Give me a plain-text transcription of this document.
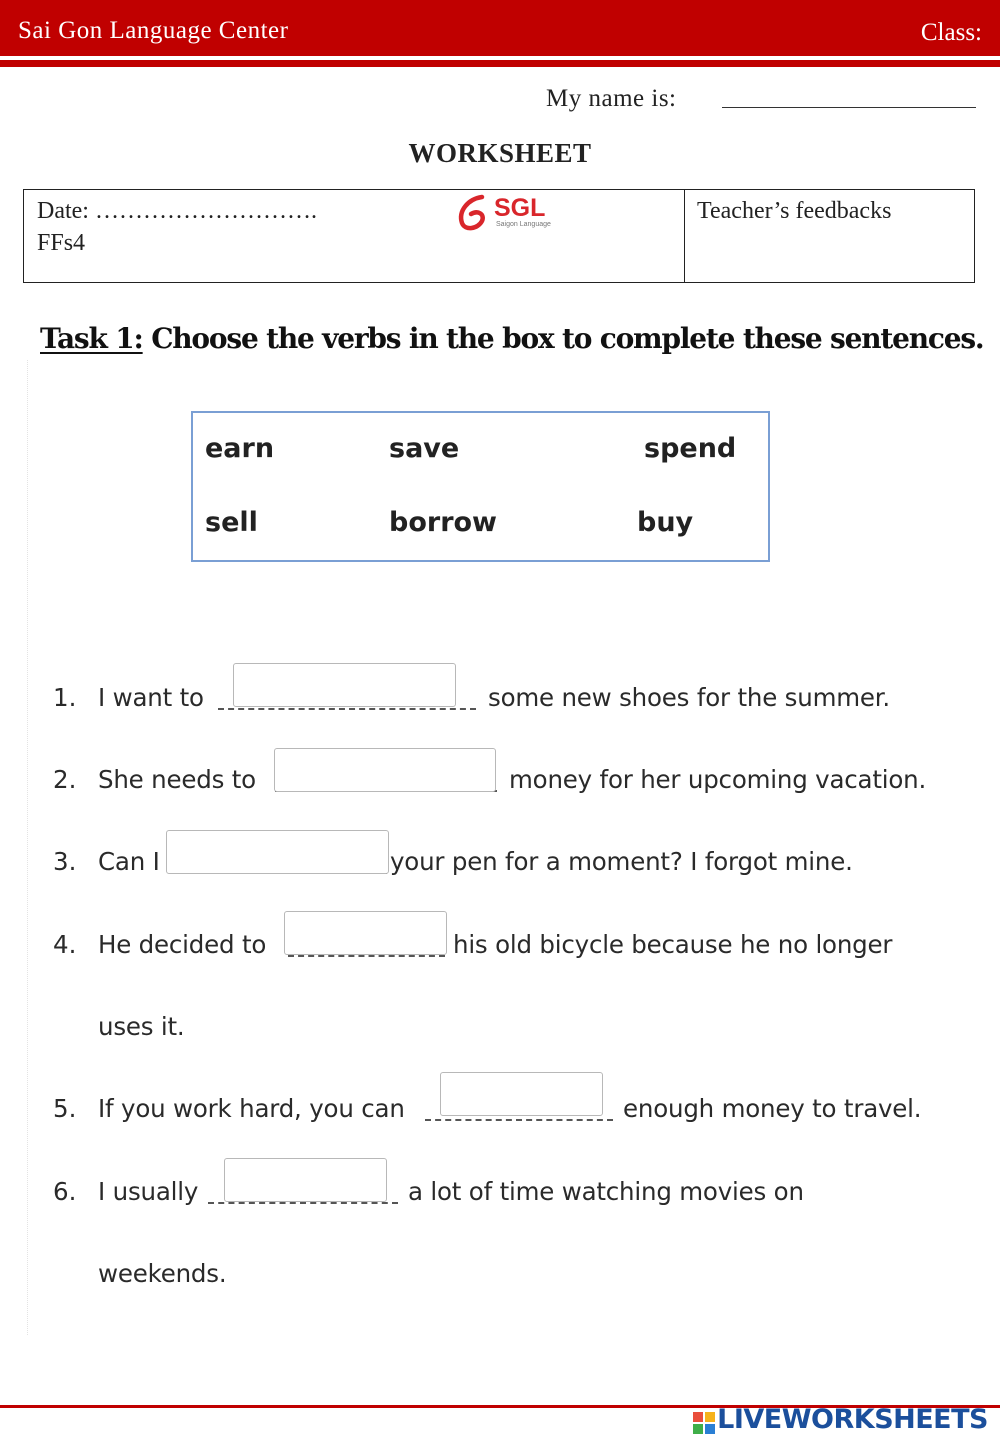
Sai Gon Language Center	Class:
My name is:
WORKSHEET
Date: ……………………….
FFs4
SGL
Saigon Language
Teacher’s feedbacks
Task 1: Choose the verbs in the box to complete these sentences.
earn	save	spend
sell	borrow	buy
1. I want to	some new shoes for the summer.
2. She needs to	money for her upcoming vacation.
3. Can I	your pen for a moment? I forgot mine.
4. He decided to	his old bicycle because he no longer
uses it.
5. If you work hard, you can	enough money to travel.
6. I usually	a lot of time watching movies on
weekends.
LIVEWORKSHEETS
